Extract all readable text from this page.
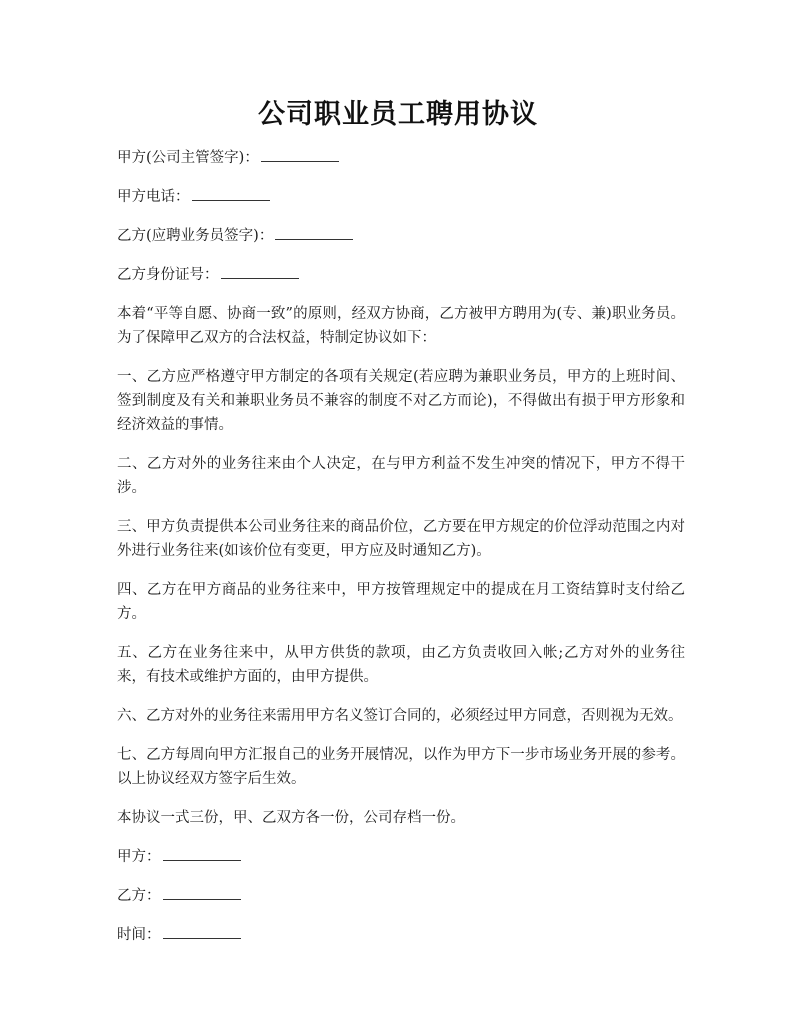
公司职业员工聘用协议
甲方(公司主管签字)：
甲方电话：
乙方(应聘业务员签字)：
乙方身份证号：

本着“平等自愿、协商一致”的原则，经双方协商，乙方被甲方聘用为(专、兼)职业务员。为了保障甲乙双方的合法权益，特制定协议如下：

一、乙方应严格遵守甲方制定的各项有关规定(若应聘为兼职业务员，甲方的上班时间、签到制度及有关和兼职业务员不兼容的制度不对乙方而论)，不得做出有损于甲方形象和经济效益的事情。

二、乙方对外的业务往来由个人决定，在与甲方利益不发生冲突的情况下，甲方不得干涉。

三、甲方负责提供本公司业务往来的商品价位，乙方要在甲方规定的价位浮动范围之内对外进行业务往来(如该价位有变更，甲方应及时通知乙方)。

四、乙方在甲方商品的业务往来中，甲方按管理规定中的提成在月工资结算时支付给乙方。

五、乙方在业务往来中，从甲方供货的款项，由乙方负责收回入帐;乙方对外的业务往来，有技术或维护方面的，由甲方提供。

六、乙方对外的业务往来需用甲方名义签订合同的，必须经过甲方同意，否则视为无效。

七、乙方每周向甲方汇报自己的业务开展情况，以作为甲方下一步市场业务开展的参考。 以上协议经双方签字后生效。

本协议一式三份，甲、乙双方各一份，公司存档一份。

甲方：
乙方：
时间：
